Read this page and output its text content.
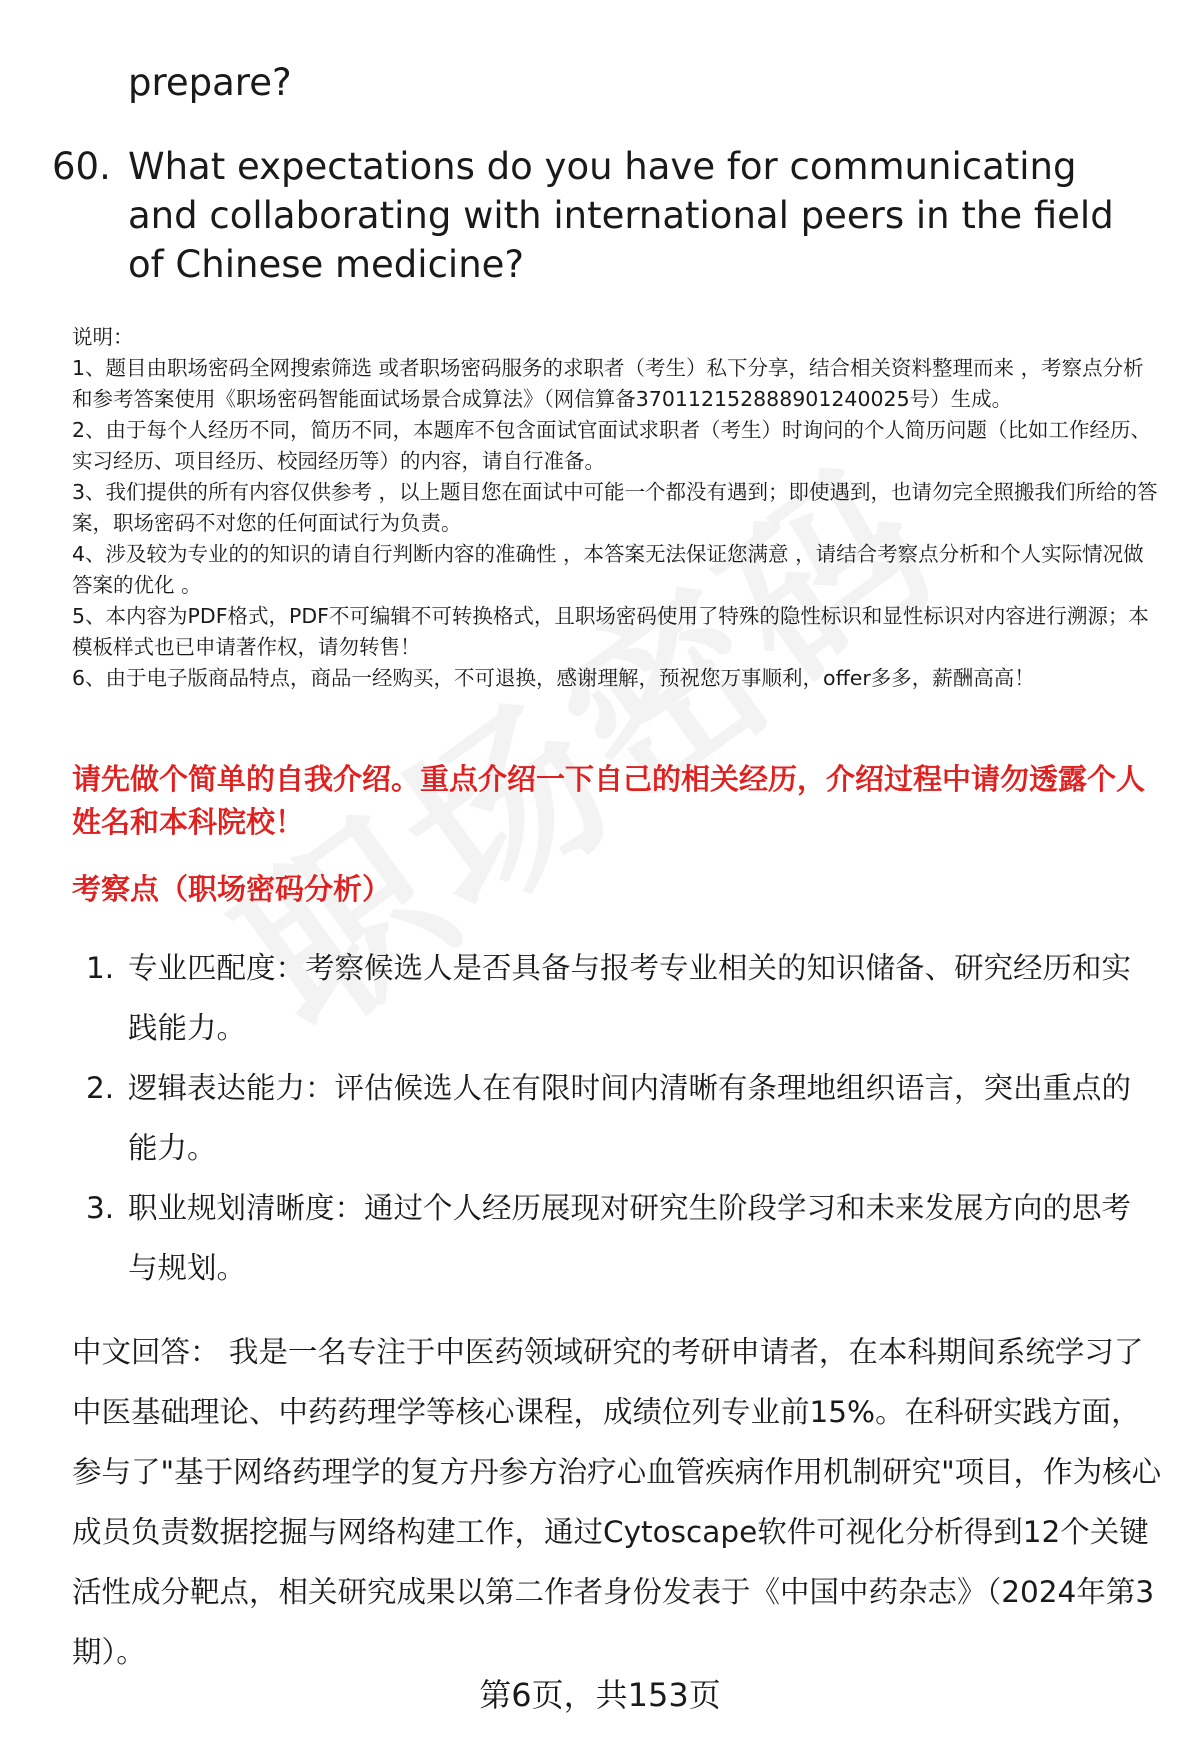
prepare?
60. What expectations do you have for communicating and collaborating with international peers in the field of Chinese medicine?

说明：

1、题目由职场密码全网搜索筛选 或者职场密码服务的求职者（考生）私下分享，结合相关资料整理而来 ，考察点分析和参考答案使用《职场密码智能面试场景合成算法》（网信算备370112152888901240025号）生成。

2、由于每个人经历不同，简历不同，本题库不包含面试官面试求职者（考生）时询问的个人简历问题（比如工作经历、实习经历、项目经历、校园经历等）的内容，请自行准备。

3、我们提供的所有内容仅供参考 ，以上题目您在面试中可能一个都没有遇到；即使遇到，也请勿完全照搬我们所给的答案，职场密码不对您的任何面试行为负责。

4、涉及较为专业的的知识的请自行判断内容的准确性 ，本答案无法保证您满意 ，请结合考察点分析和个人实际情况做答案的优化 。

5、本内容为PDF格式，PDF不可编辑不可转换格式，且职场密码使用了特殊的隐性标识和显性标识对内容进行溯源；本模板样式也已申请著作权，请勿转售！

6、由于电子版商品特点，商品一经购买，不可退换，感谢理解，预祝您万事顺利，offer多多，薪酬高高！

请先做个简单的自我介绍。重点介绍一下自己的相关经历，介绍过程中请勿透露个人姓名和本科院校！
考察点（职场密码分析）
1. 专业匹配度：考察候选人是否具备与报考专业相关的知识储备、研究经历和实践能力。
2. 逻辑表达能力：评估候选人在有限时间内清晰有条理地组织语言，突出重点的能力。
3. 职业规划清晰度：通过个人经历展现对研究生阶段学习和未来发展方向的思考与规划。
中文回答： 我是一名专注于中医药领域研究的考研申请者，在本科期间系统学习了中医基础理论、中药药理学等核心课程，成绩位列专业前15%。在科研实践方面，参与了"基于网络药理学的复方丹参方治疗心血管疾病作用机制研究"项目，作为核心成员负责数据挖掘与网络构建工作，通过Cytoscape软件可视化分析得到12个关键活性成分靶点，相关研究成果以第二作者身份发表于《中国中药杂志》（2024年第3期）。
第6页，共153页
